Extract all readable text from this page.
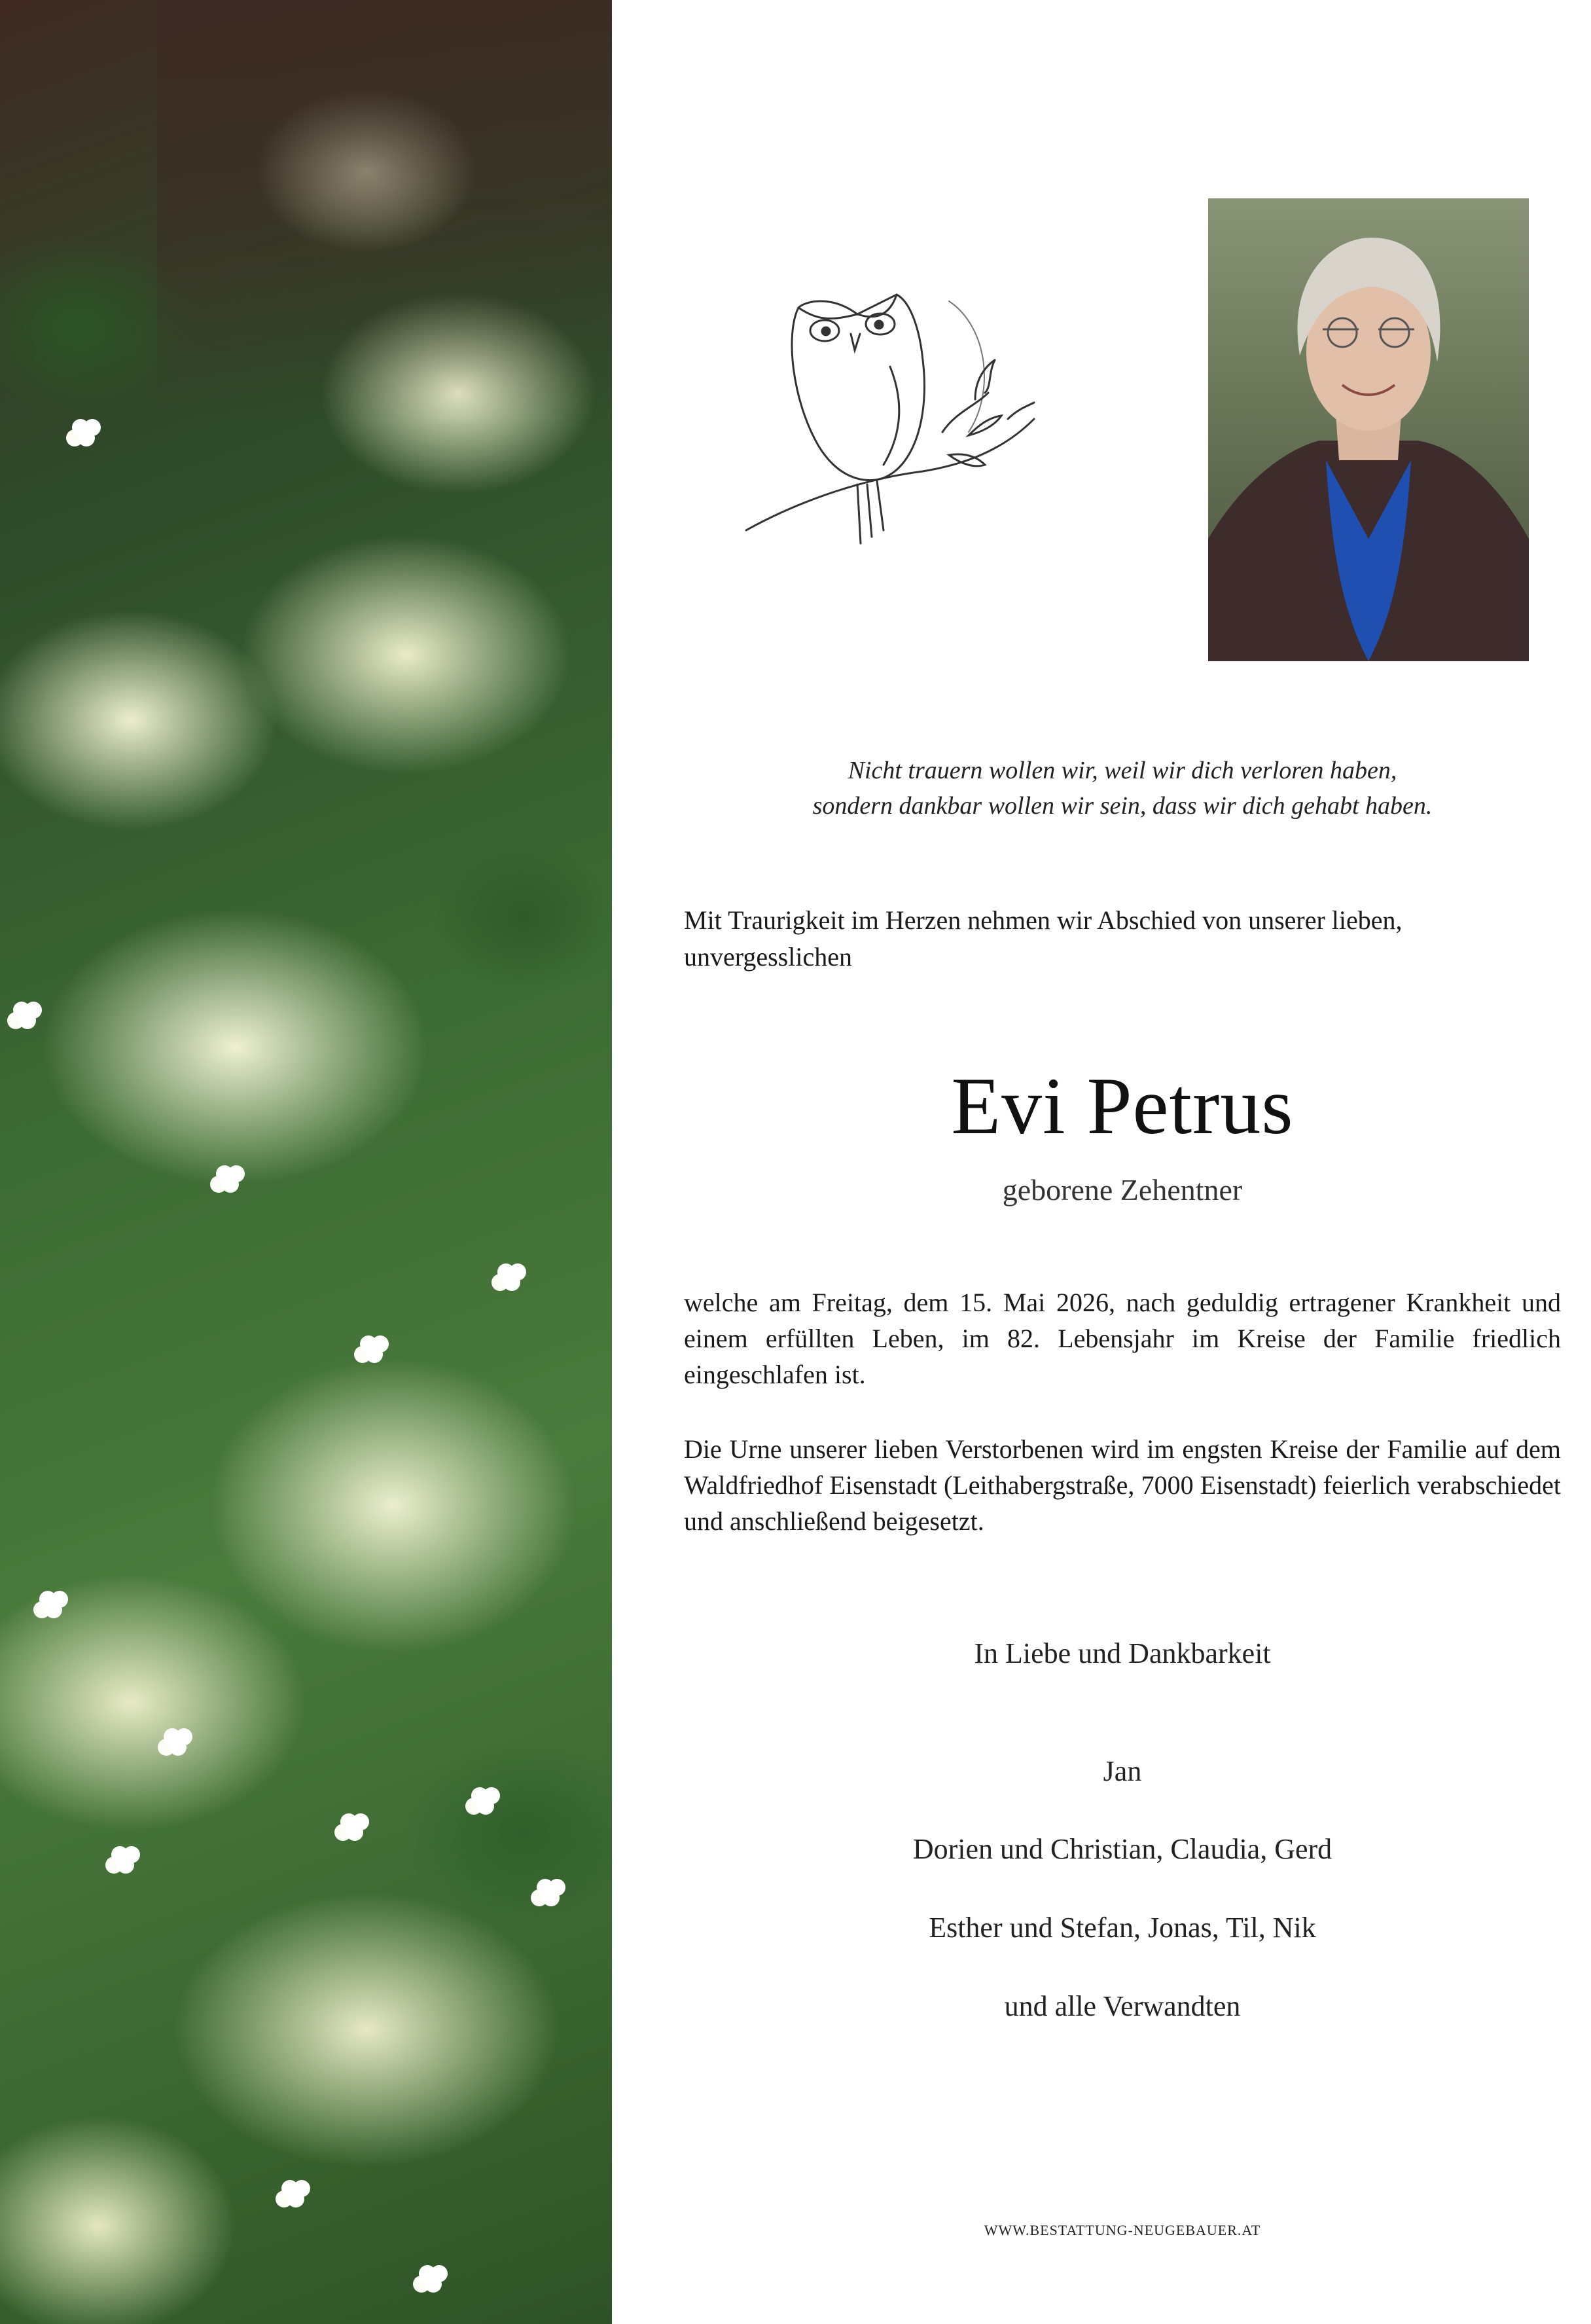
Nicht trauern wollen wir, weil wir dich verloren haben,
sondern dankbar wollen wir sein, dass wir dich gehabt haben.
Mit Traurigkeit im Herzen nehmen wir Abschied von unserer lieben, unvergesslichen
Evi Petrus
geborene Zehentner
welche am Freitag, dem 15. Mai 2026, nach geduldig ertragener Krankheit und einem erfüllten Leben, im 82. Lebensjahr im Kreise der Familie friedlich eingeschlafen ist.
Die Urne unserer lieben Verstorbenen wird im engsten Kreise der Familie auf dem Waldfriedhof Eisenstadt (Leithabergstraße, 7000 Eisenstadt) feierlich verabschiedet und anschließend beigesetzt.
In Liebe und Dankbarkeit
Jan
Dorien und Christian, Claudia, Gerd
Esther und Stefan, Jonas, Til, Nik
und alle Verwandten
WWW.BESTATTUNG-NEUGEBAUER.AT
